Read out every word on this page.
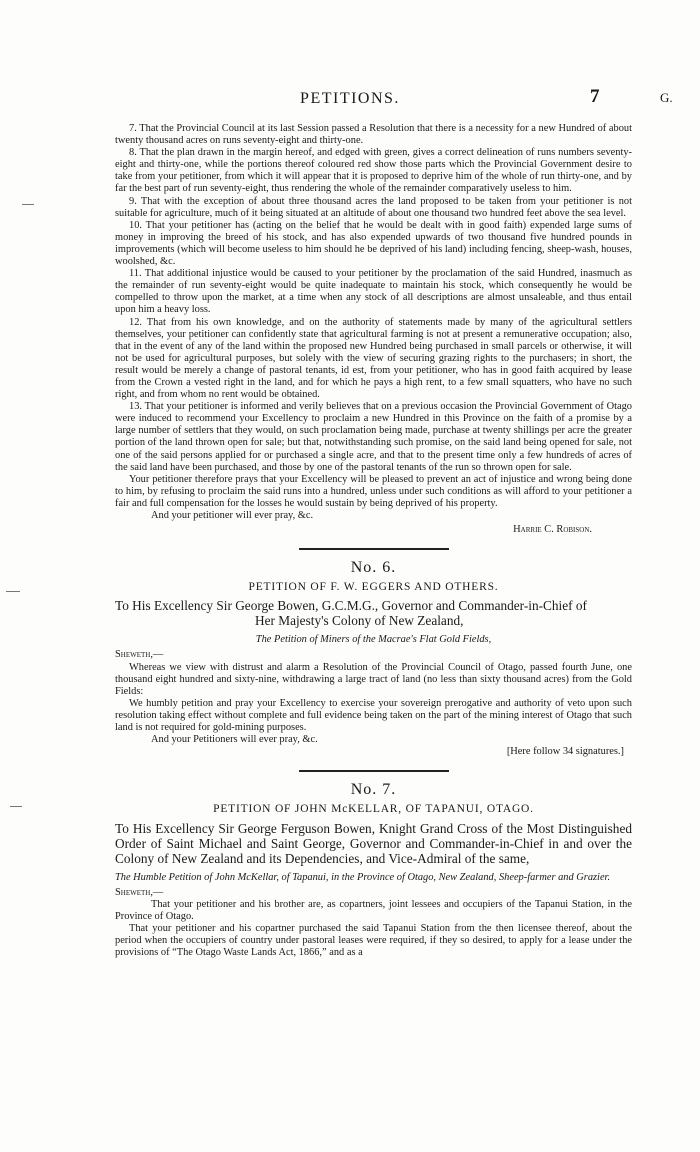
PETITIONS.	7	G.

7. That the Provincial Council at its last Session passed a Resolution that there is a necessity for a new Hundred of about twenty thousand acres on runs seventy-eight and thirty-one.

8. That the plan drawn in the margin hereof, and edged with green, gives a correct delineation of runs numbers seventy-eight and thirty-one, while the portions thereof coloured red show those parts which the Provincial Government desire to take from your petitioner, from which it will appear that it is proposed to deprive him of the whole of run thirty-one, and by far the best part of run seventy-eight, thus rendering the whole of the remainder comparatively useless to him.

9. That with the exception of about three thousand acres the land proposed to be taken from your petitioner is not suitable for agriculture, much of it being situated at an altitude of about one thousand two hundred feet above the sea level.

10. That your petitioner has (acting on the belief that he would be dealt with in good faith) expended large sums of money in improving the breed of his stock, and has also expended upwards of two thousand five hundred pounds in improvements (which will become useless to him should he be deprived of his land) including fencing, sheep-wash, houses, woolshed, &c.

11. That additional injustice would be caused to your petitioner by the proclamation of the said Hundred, inasmuch as the remainder of run seventy-eight would be quite inadequate to maintain his stock, which consequently he would be compelled to throw upon the market, at a time when any stock of all descriptions are almost unsaleable, and thus entail upon him a heavy loss.

12. That from his own knowledge, and on the authority of statements made by many of the agricultural settlers themselves, your petitioner can confidently state that agricultural farming is not at present a remunerative occupation; also, that in the event of any of the land within the proposed new Hundred being purchased in small parcels or otherwise, it will not be used for agricultural purposes, but solely with the view of securing grazing rights to the purchasers; in short, the result would be merely a change of pastoral tenants, id est, from your petitioner, who has in good faith acquired by lease from the Crown a vested right in the land, and for which he pays a high rent, to a few small squatters, who have no such right, and from whom no rent would be obtained.

13. That your petitioner is informed and verily believes that on a previous occasion the Provincial Government of Otago were induced to recommend your Excellency to proclaim a new Hundred in this Province on the faith of a promise by a large number of settlers that they would, on such proclamation being made, purchase at twenty shillings per acre the greater portion of the land thrown open for sale; but that, notwithstanding such promise, on the said land being opened for sale, not one of the said persons applied for or purchased a single acre, and that to the present time only a few hundreds of acres of the said land have been purchased, and those by one of the pastoral tenants of the run so thrown open for sale.

Your petitioner therefore prays that your Excellency will be pleased to prevent an act of injustice and wrong being done to him, by refusing to proclaim the said runs into a hundred, unless under such conditions as will afford to your petitioner a fair and full compensation for the losses he would sustain by being deprived of his property.

And your petitioner will ever pray, &c.

Harrie C. Robison.
No. 6.
PETITION OF F. W. EGGERS AND OTHERS.

To His Excellency Sir George Bowen, G.C.M.G., Governor and Commander-in-Chief of
Her Majesty's Colony of New Zealand,

The Petition of Miners of the Macrae's Flat Gold Fields,

Sheweth,—

Whereas we view with distrust and alarm a Resolution of the Provincial Council of Otago, passed fourth June, one thousand eight hundred and sixty-nine, withdrawing a large tract of land (no less than sixty thousand acres) from the Gold Fields:

We humbly petition and pray your Excellency to exercise your sovereign prerogative and authority of veto upon such resolution taking effect without complete and full evidence being taken on the part of the mining interest of Otago that such land is not required for gold-mining purposes.

And your Petitioners will ever pray, &c.

[Here follow 34 signatures.]
No. 7.
PETITION OF JOHN McKELLAR, OF TAPANUI, OTAGO.

To His Excellency Sir George Ferguson Bowen, Knight Grand Cross of the Most Distinguished Order of Saint Michael and Saint George, Governor and Commander-in-Chief in and over the Colony of New Zealand and its Dependencies, and Vice-Admiral of the same,

The Humble Petition of John McKellar, of Tapanui, in the Province of Otago, New Zealand, Sheep-farmer and Grazier.

Sheweth,—

That your petitioner and his brother are, as copartners, joint lessees and occupiers of the Tapanui Station, in the Province of Otago.

That your petitioner and his copartner purchased the said Tapanui Station from the then licensee thereof, about the period when the occupiers of country under pastoral leases were required, if they so desired, to apply for a lease under the provisions of “The Otago Waste Lands Act, 1866,” and as a
